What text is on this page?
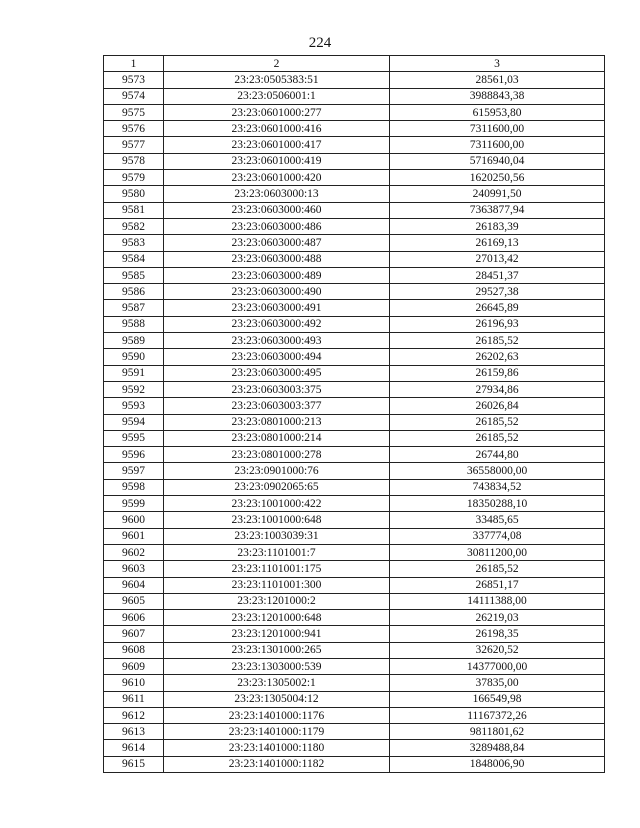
224
1	2	3
9573	23:23:0505383:51	28561,03
9574	23:23:0506001:1	3988843,38
9575	23:23:0601000:277	615953,80
9576	23:23:0601000:416	7311600,00
9577	23:23:0601000:417	7311600,00
9578	23:23:0601000:419	5716940,04
9579	23:23:0601000:420	1620250,56
9580	23:23:0603000:13	240991,50
9581	23:23:0603000:460	7363877,94
9582	23:23:0603000:486	26183,39
9583	23:23:0603000:487	26169,13
9584	23:23:0603000:488	27013,42
9585	23:23:0603000:489	28451,37
9586	23:23:0603000:490	29527,38
9587	23:23:0603000:491	26645,89
9588	23:23:0603000:492	26196,93
9589	23:23:0603000:493	26185,52
9590	23:23:0603000:494	26202,63
9591	23:23:0603000:495	26159,86
9592	23:23:0603003:375	27934,86
9593	23:23:0603003:377	26026,84
9594	23:23:0801000:213	26185,52
9595	23:23:0801000:214	26185,52
9596	23:23:0801000:278	26744,80
9597	23:23:0901000:76	36558000,00
9598	23:23:0902065:65	743834,52
9599	23:23:1001000:422	18350288,10
9600	23:23:1001000:648	33485,65
9601	23:23:1003039:31	337774,08
9602	23:23:1101001:7	30811200,00
9603	23:23:1101001:175	26185,52
9604	23:23:1101001:300	26851,17
9605	23:23:1201000:2	14111388,00
9606	23:23:1201000:648	26219,03
9607	23:23:1201000:941	26198,35
9608	23:23:1301000:265	32620,52
9609	23:23:1303000:539	14377000,00
9610	23:23:1305002:1	37835,00
9611	23:23:1305004:12	166549,98
9612	23:23:1401000:1176	11167372,26
9613	23:23:1401000:1179	9811801,62
9614	23:23:1401000:1180	3289488,84
9615	23:23:1401000:1182	1848006,90
